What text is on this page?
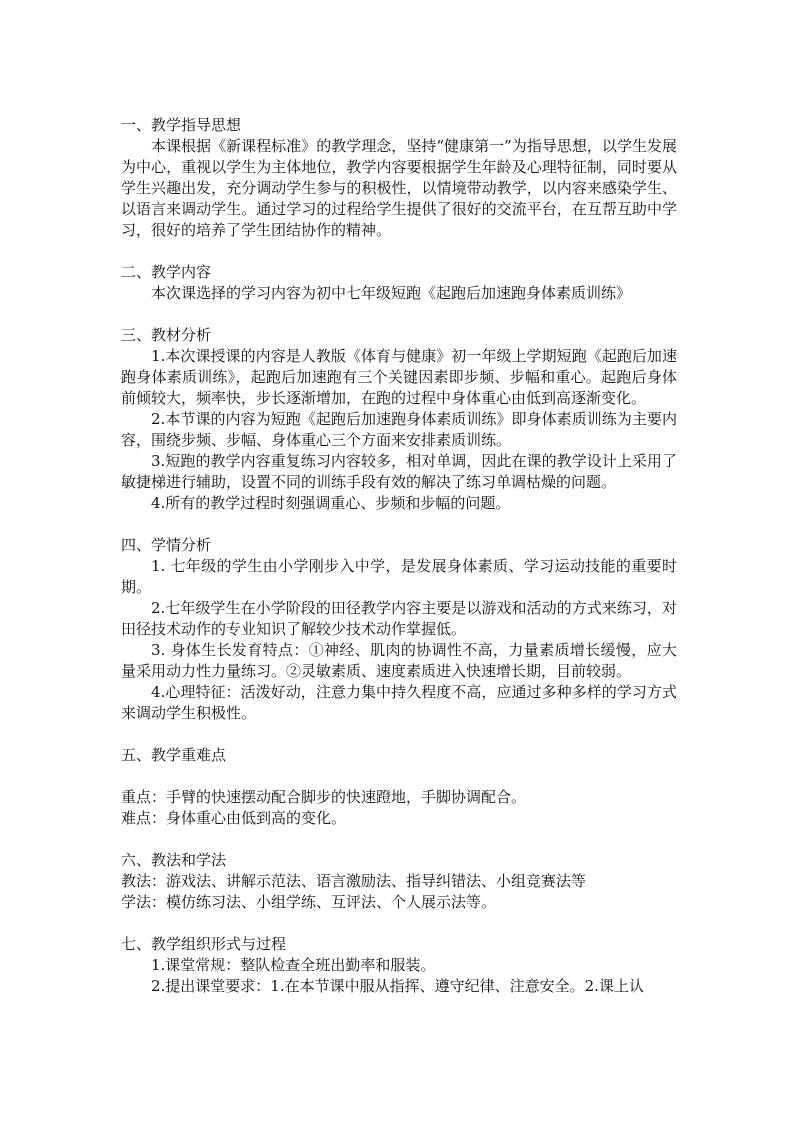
一、教学指导思想

本课根据《新课程标准》的教学理念，坚持“健康第一”为指导思想，以学生发展为中心，重视以学生为主体地位，教学内容要根据学生年龄及心理特征制，同时要从学生兴趣出发，充分调动学生参与的积极性，以情境带动教学，以内容来感染学生、以语言来调动学生。通过学习的过程给学生提供了很好的交流平台，在互帮互助中学习，很好的培养了学生团结协作的精神。

二、教学内容

本次课选择的学习内容为初中七年级短跑《起跑后加速跑身体素质训练》

三、教材分析

1.本次课授课的内容是人教版《体育与健康》初一年级上学期短跑《起跑后加速跑身体素质训练》，起跑后加速跑有三个关键因素即步频、步幅和重心。起跑后身体前倾较大，频率快，步长逐渐增加，在跑的过程中身体重心由低到高逐渐变化。

2.本节课的内容为短跑《起跑后加速跑身体素质训练》即身体素质训练为主要内容，围绕步频、步幅、身体重心三个方面来安排素质训练。

3.短跑的教学内容重复练习内容较多，相对单调，因此在课的教学设计上采用了敏捷梯进行辅助，设置不同的训练手段有效的解决了练习单调枯燥的问题。

4.所有的教学过程时刻强调重心、步频和步幅的问题。

四、学情分析

1. 七年级的学生由小学刚步入中学，是发展身体素质、学习运动技能的重要时期。

2.七年级学生在小学阶段的田径教学内容主要是以游戏和活动的方式来练习，对田径技术动作的专业知识了解较少技术动作掌握低。

3. 身体生长发育特点：①神经、肌肉的协调性不高，力量素质增长缓慢，应大量采用动力性力量练习。②灵敏素质、速度素质进入快速增长期，目前较弱。

4.心理特征：活泼好动，注意力集中持久程度不高，应通过多种多样的学习方式来调动学生积极性。

五、教学重难点

重点：手臂的快速摆动配合脚步的快速蹬地，手脚协调配合。

难点：身体重心由低到高的变化。

六、教法和学法

教法：游戏法、讲解示范法、语言激励法、指导纠错法、小组竞赛法等

学法：模仿练习法、小组学练、互评法、个人展示法等。

七、教学组织形式与过程

1.课堂常规：整队检查全班出勤率和服装。

2.提出课堂要求：1.在本节课中服从指挥、遵守纪律、注意安全。2.课上认
